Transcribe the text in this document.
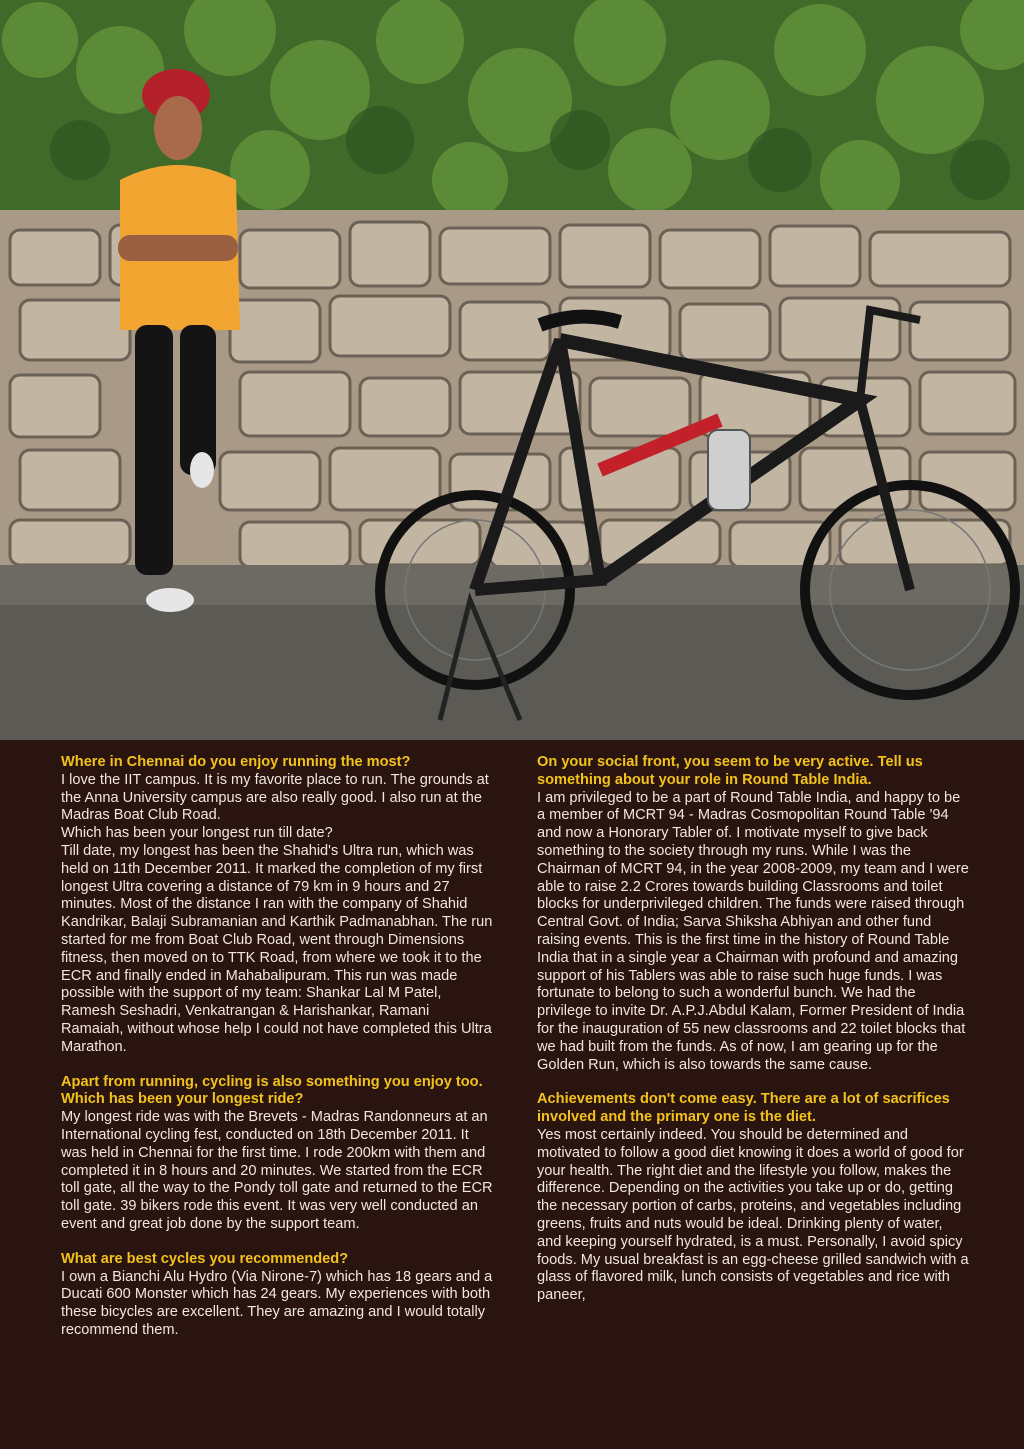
Where in Chennai do you enjoy running the most?

I love the IIT campus. It is my favorite place to run. The grounds at the Anna University campus are also really good. I also run at the Madras Boat Club Road.

Which has been your longest run till date?

Till date, my longest has been the Shahid's Ultra run, which was held on 11th December 2011. It marked the completion of my first longest Ultra covering a distance of 79 km in 9 hours and 27 minutes. Most of the distance I ran with the company of Shahid Kandrikar, Balaji Subramanian and Karthik Padmanabhan. The run started for me from Boat Club Road, went through Dimensions fitness, then moved on to TTK Road, from where we took it to the ECR and finally ended in Mahabalipuram. This run was made possible with the support of my team: Shankar Lal M Patel, Ramesh Seshadri, Venkatrangan & Harishankar, Ramani Ramaiah, without whose help I could not have completed this Ultra Marathon.

Apart from running, cycling is also something you enjoy too. Which has been your longest ride?

My longest ride was with the Brevets - Madras Randonneurs at an International cycling fest, conducted on 18th December 2011. It was held in Chennai for the first time. I rode 200km with them and completed it in 8 hours and 20 minutes. We started from the ECR toll gate, all the way to the Pondy toll gate and returned to the ECR toll gate. 39 bikers rode this event. It was very well conducted an event and great job done by the support team.

What are best cycles you recommended?

I own a Bianchi Alu Hydro (Via Nirone-7) which has 18 gears and a Ducati 600 Monster which has 24 gears. My experiences with both these bicycles are excellent. They are amazing and I would totally recommend them.

On your social front, you seem to be very active. Tell us something about your role in Round Table India.

I am privileged to be a part of Round Table India, and happy to be a member of MCRT 94 - Madras Cosmopolitan Round Table '94 and now a Honorary Tabler of. I motivate myself to give back something to the society through my runs. While I was the Chairman of MCRT 94, in the year 2008-2009, my team and I were able to raise 2.2 Crores towards building Classrooms and toilet blocks for underprivileged children. The funds were raised through Central Govt. of India; Sarva Shiksha Abhiyan and other fund raising events. This is the first time in the history of Round Table India that in a single year a Chairman with profound and amazing support of his Tablers was able to raise such huge funds. I was fortunate to belong to such a wonderful bunch. We had the privilege to invite Dr. A.P.J.Abdul Kalam, Former President of India for the inauguration of 55 new classrooms and 22 toilet blocks that we had built from the funds. As of now, I am gearing up for the Golden Run, which is also towards the same cause.

Achievements don't come easy. There are a lot of sacrifices involved and the primary one is the diet.

Yes most certainly indeed. You should be determined and motivated to follow a good diet knowing it does a world of good for your health. The right diet and the lifestyle you follow, makes the difference. Depending on the activities you take up or do, getting the necessary portion of carbs, proteins, and vegetables including greens, fruits and nuts would be ideal. Drinking plenty of water, and keeping yourself hydrated, is a must. Personally, I avoid spicy foods. My usual breakfast is an egg-cheese grilled sandwich with a glass of flavored milk, lunch consists of vegetables and rice with paneer,
